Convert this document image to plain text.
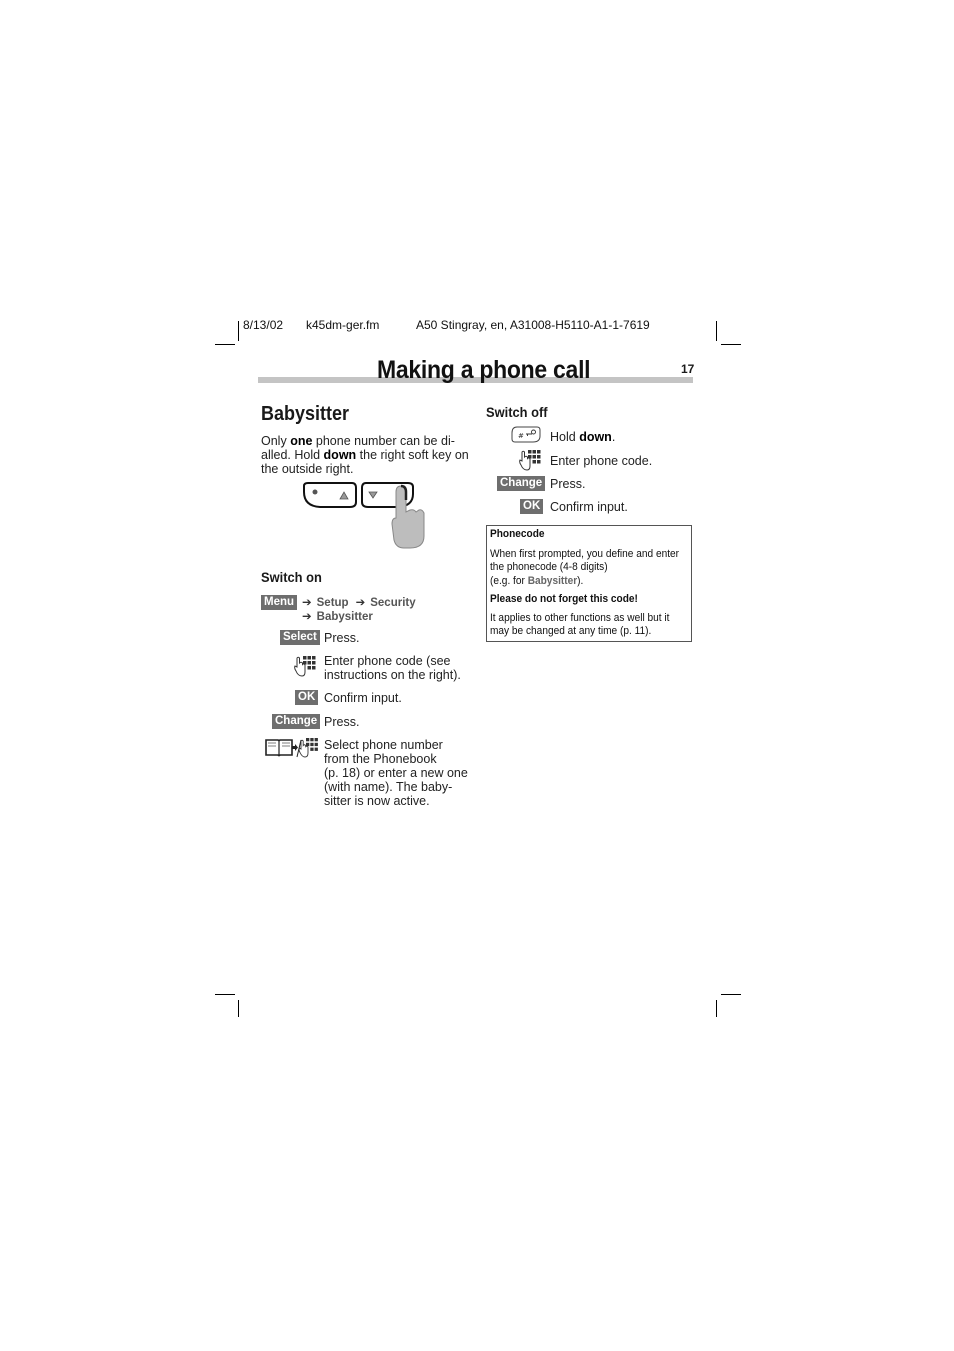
8/13/02 k45dm-ger.fm	A50 Stingray, en, A31008-H5110-A1-1-7619
Making a phone call	17
Babysitter
Only one phone number can be di-
alled. Hold down the right soft key on
the outside right.
Switch on
Menu ➔ Setup ➔ Security
➔ Babysitter
Select Press.
Enter phone code (see
instructions on the right).
OK Confirm input.
Change Press.
Select phone number
from the Phonebook
(p. 18) or enter a new one
(with name). The baby-
sitter is now active.
Switch off
# Hold down.
Enter phone code.
Change Press.
OK Confirm input.
Phonecode
When first prompted, you define and enter
the phonecode (4-8 digits)
(e.g. for Babysitter).
Please do not forget this code!
It applies to other functions as well but it
may be changed at any time (p. 11).
